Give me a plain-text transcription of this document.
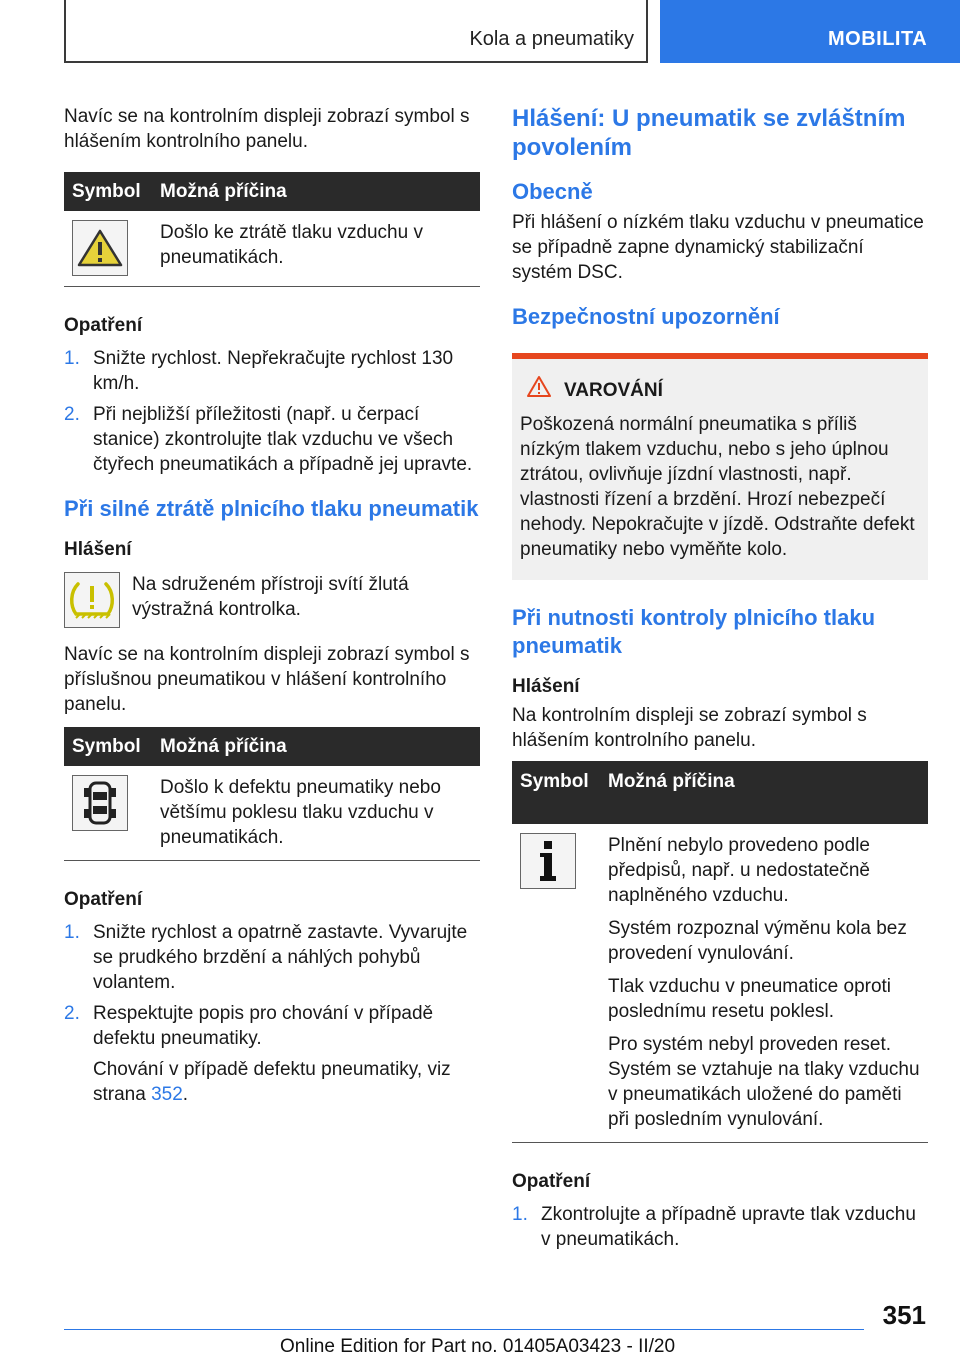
Kola a pneumatiky	MOBILITA

Navíc se na kontrolním displeji zobrazí symbol s hlášením kontrolního panelu.

Symbol	Možná příčina

	Došlo ke ztrátě tlaku vzduchu v pneumatikách.

Opatření

1. Snižte rychlost. Nepřekračujte rychlost 130 km/h.

2. Při nejbližší příležitosti (např. u čerpací stanice) zkontrolujte tlak vzduchu ve všech čtyřech pneumatikách a případně jej upravte.

Při silné ztrátě plnicího tlaku pneumatik

Hlášení

Na sdruženém přístroji svítí žlutá výstražná kontrolka.

Navíc se na kontrolním displeji zobrazí symbol s příslušnou pneumatikou v hlášení kontrolního panelu.

Symbol	Možná příčina

	Došlo k defektu pneumatiky nebo většímu poklesu tlaku vzduchu v pneumatikách.

Opatření

1. Snižte rychlost a opatrně zastavte. Vyvarujte se prudkého brzdění a náhlých pohybů volantem.

2. Respektujte popis pro chování v případě defektu pneumatiky.

Chování v případě defektu pneumatiky, viz strana 352.

Hlášení: U pneumatik se zvláštním povolením

Obecně

Při hlášení o nízkém tlaku vzduchu v pneumatice se případně zapne dynamický stabilizační systém DSC.

Bezpečnostní upozornění

VAROVÁNÍ

Poškozená normální pneumatika s příliš nízkým tlakem vzduchu, nebo s jeho úplnou ztrátou, ovlivňuje jízdní vlastnosti, např. vlastnosti řízení a brzdění. Hrozí nebezpečí nehody. Nepokračujte v jízdě. Odstraňte defekt pneumatiky nebo vyměňte kolo.

Při nutnosti kontroly plnicího tlaku pneumatik

Hlášení

Na kontrolním displeji se zobrazí symbol s hlášením kontrolního panelu.

Symbol	Možná příčina

Plnění nebylo provedeno podle předpisů, např. u nedostatečně naplněného vzduchu.

Systém rozpoznal výměnu kola bez provedení vynulování.

Tlak vzduchu v pneumatice oproti poslednímu resetu poklesl.

Pro systém nebyl proveden reset. Systém se vztahuje na tlaky vzduchu v pneumatikách uložené do paměti při posledním vynulování.

Opatření

1. Zkontrolujte a případně upravte tlak vzduchu v pneumatikách.

351
Online Edition for Part no. 01405A03423 - II/20
